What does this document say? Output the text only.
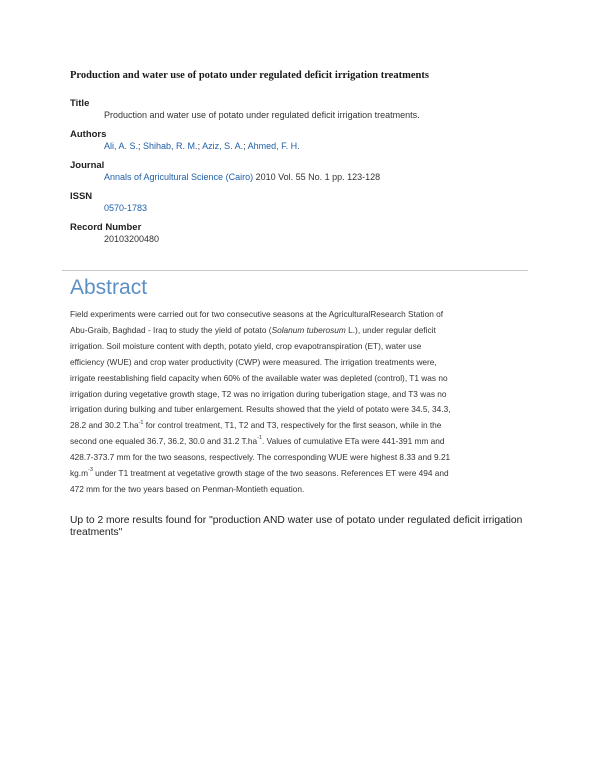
Production and water use of potato under regulated deficit irrigation treatments
Title
Production and water use of potato under regulated deficit irrigation treatments.
Authors
Ali, A. S.; Shihab, R. M.; Aziz, S. A.; Ahmed, F. H.
Journal
Annals of Agricultural Science (Cairo) 2010 Vol. 55 No. 1 pp. 123-128
ISSN
0570-1783
Record Number
20103200480
Abstract
Field experiments were carried out for two consecutive seasons at the AgriculturalResearch Station of
Abu-Graib, Baghdad - Iraq to study the yield of potato (Solanum tuberosum L.), under regular deficit
irrigation. Soil moisture content with depth, potato yield, crop evapotranspiration (ET), water use
efficiency (WUE) and crop water productivity (CWP) were measured. The irrigation treatments were,
irrigate reestablishing field capacity when 60% of the available water was depleted (control), T1 was no
irrigation during vegetative growth stage, T2 was no irrigation during tuberigation stage, and T3 was no
irrigation during bulking and tuber enlargement. Results showed that the yield of potato were 34.5, 34.3,
28.2 and 30.2 $T.ha^{-1}$ for control treatment, T1, T2 and T3, respectively for the first season, while in the
second one equaled 36.7, 36.2, 30.0 and 31.2 $T.ha^{-1}$. Values of cumulative ETa were 441-391 mm and
428.7-373.7 mm for the two seasons, respectively. The corresponding WUE were highest 8.33 and 9.21
$kg.m^{-3}$ under T1 treatment at vegetative growth stage of the two seasons. References ET were 494 and
472 mm for the two years based on Penman-Montieth equation.
Up to 2 more results found for "production AND water use of potato under regulated deficit irrigation treatments"
